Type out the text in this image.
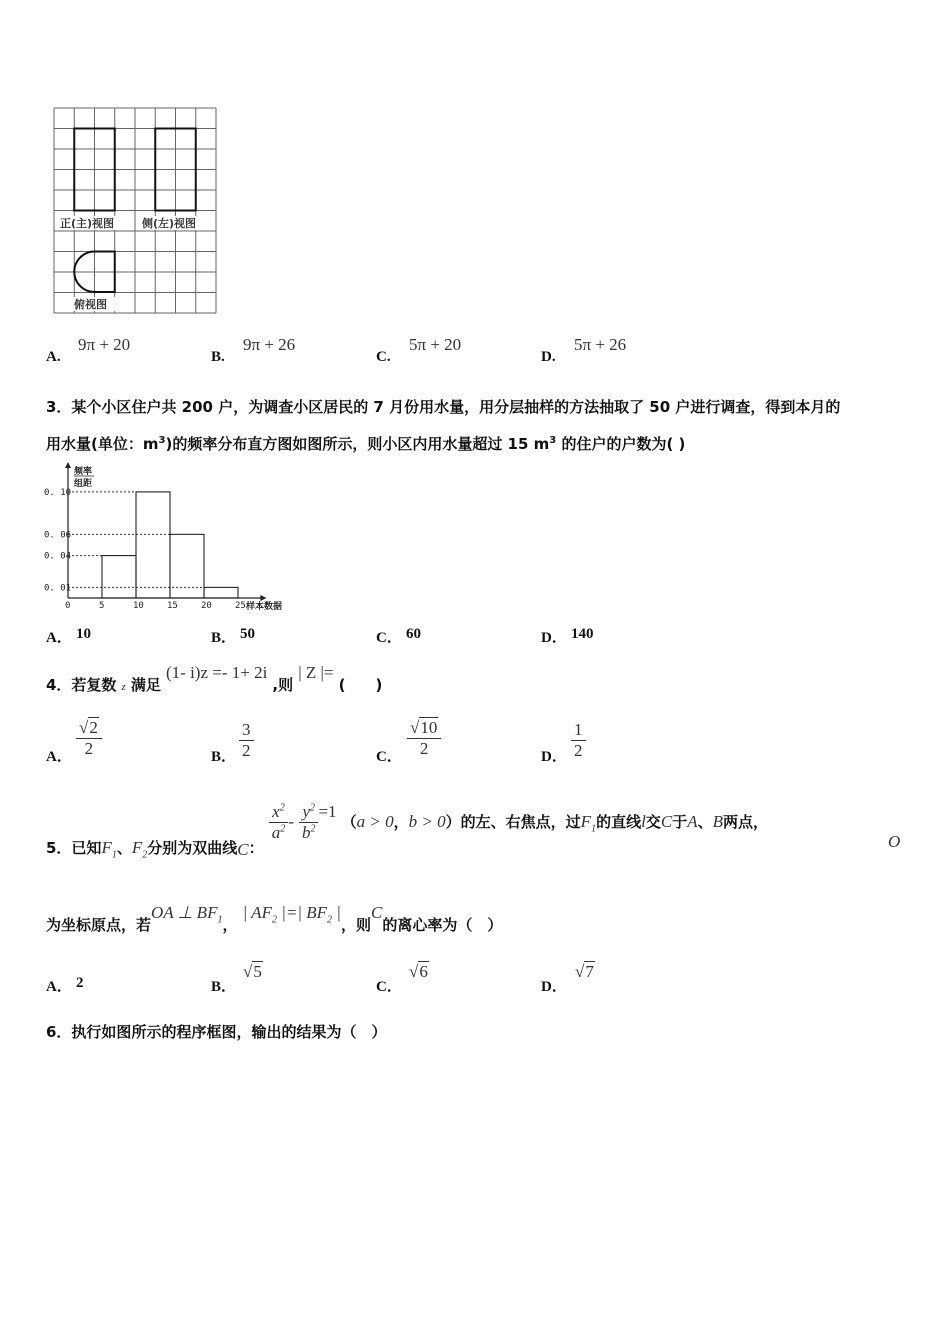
正(主)视图	侧(左)视图
俯视图
A.
9π + 20
B.
9π + 26
C.
5π + 20
D.
5π + 26
3．某个小区住户共 200 户，为调查小区居民的 7 月份用水量，用分层抽样的方法抽取了 50 户进行调查，得到本月的
用水量(单位：$m^3$)的频率分布直方图如图所示，则小区内用水量超过 15 $m^3$ 的住户的户数为( )
0. 10
0. 06
0. 04
0. 01
0	5	10	15	20	25
频率
组距
样本数据
A． 10	B． 50	C． 60	D． 140
4．若复数 $_z$ 满足 (1- i)z =- 1+ 2i ,则 | Z |= (　　)
A． $\frac{√2}{2}$	B． $\frac{3}{2}$	C． $\frac{√10}{2}$	D． $\frac{1}{2}$
5．已知$F_1$、$F_2$分别为双曲线C：
$\frac{x^2}{a^2} - \frac{y^2}{b^2} =1$ （a > 0，b > 0）的左、右焦点，过$F_1$的直线l交C于A、B两点，
O
为坐标原点，若OA ⊥ $BF_1$， | $AF_2$ |=| $BF_2$ |，则C的离心率为（　）
A． 2	B．
√5
C．
√6
D．
√7
6．执行如图所示的程序框图，输出的结果为（　）
